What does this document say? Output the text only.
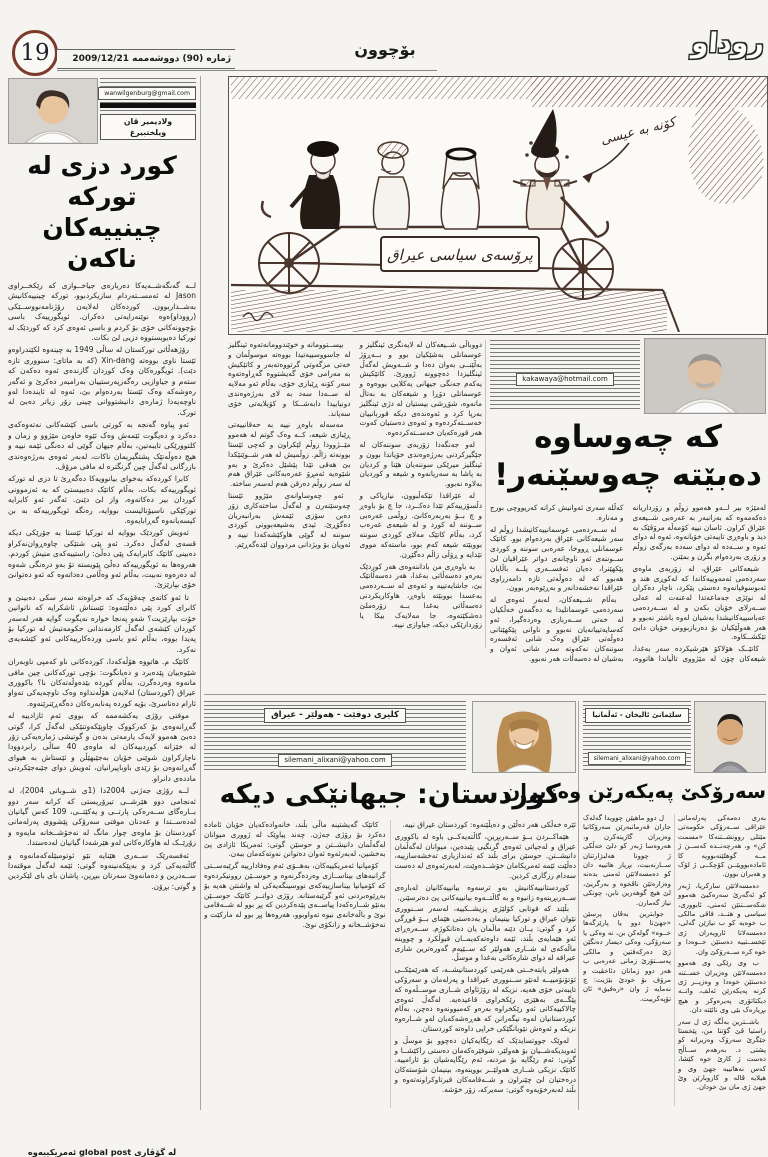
19	ژماره (90) دووشه‌ممه 2009/12/21	بۆچوون	روداو
wanwilgenburg@gmail.com
ولادیمیر ڤان ویلختبیرغ
کورد دزی له تورکه
چینییه‌کان ناکه‌ن

لــه گه‌نگه‌شــه‌یه‌کا ده‌رباره‌ی جیاخــوازی که رێکخــراوی Jason له ئه‌مســته‌ردام سازیکردبوو، تورکه چینییه‌کانیش به‌شــداربوون. کورده‌کان له‌لایه‌ن رۆژنامه‌نووســێکی (رووداو)ه‌وه نوێنه‌رایه‌تی ده‌کران. ئویگورییه‌ک باسی بۆچوونه‌کانی خۆی بۆ کردم و باسی ئه‌وه‌ی کرد که کوردێک له تورکیا ده‌یویستووه دزیی لێ بکات.

رۆژهه‌ڵاتی تورکستان له ساڵی 1949 به چینه‌وه لکێندراوه‌و ئێستا ناوی بووه‌ته Xin-dang (که به ماتای: سنووری تازه دێت). ئویگوره‌کان وه‌ک کوردان گازنده‌ی ئه‌وه ده‌که‌ن که سته‌م و جیاوازیی ره‌گه‌زپه‌رستییان به‌رامبه‌ر ده‌کرێ و ئه‌گه‌ر ره‌وشه‌که وه‌ک ئێستا به‌رده‌وام بێ، ئه‌وه له ئاینده‌دا له‌و ناوچه‌یه‌دا ژماره‌ی دانیشتووانی چینی زۆر زیاتر ده‌بێ له تورک.

ئه‌و پیاوه گه‌نجه به کورتی باسی کێشه‌کانی نه‌ته‌وه‌که‌ی ده‌کرد و ده‌یگوت ئێمه‌ش وه‌ک ئێوه خاوه‌ن مێژوو و زمان و کلتوورێکی تایبه‌تین، به‌ڵام جیهان گوێی له ده‌نگی ئێمه نییه و هیچ ده‌وڵه‌تێک پشتگیریمان ناکات، له‌به‌ر ئه‌وه‌ی به‌رژه‌وه‌ندی بازرگانی له‌گه‌ڵ چین گرنگتره له مافی مرۆڤ.

کابرا کورده‌که به‌خوای بیانوویه‌کا ده‌گه‌ڕێ تا دزی له تورکه ئویگورییه‌که بکات، به‌ڵام کاتێک ده‌یبیستێ که به ئه‌زموونی کوردان بیر ده‌کاته‌وه، واز لێ دێنێ. ئه‌گه‌ر ئه‌و کابرایه تورکێکی ناسیۆنالیست بووایه، ره‌نگه ئویگورییه‌که به بن کیسه‌یانه‌وه گه‌ڕابایه‌وه.

ئه‌ویش کوردێک بووایه له تورکیا ئێستا به جۆرێکی دیکه قسه‌ی له‌گه‌ڵ ده‌کرد. ئه‌و پێی شتێکی چاوه‌ڕوان‌نه‌کراو ده‌بینی کاتێک کابرایه‌ک پێی ده‌ڵێ: راستییه‌که‌ی منیش کوردم. هه‌روه‌ها به ئویگورییه‌که ده‌ڵێ پێویسته تۆ به‌و دره‌نگی شه‌وه له ده‌ره‌وه نه‌بیت، به‌ڵام ئه‌و وه‌ڵامی ده‌داته‌وه که ئه‌و ده‌توانێ خۆی بپارێزێ.

تا ئه‌و کاته‌ی چه‌قۆیه‌ک که خراوه‌ته سه‌ر سکی ده‌بینێ و کابرای کورد پێی ده‌ڵێته‌وه: ئێستاش ئاشکرایه که ناتوانین خۆت بپارێزیت؟ شه‌و په‌نجا خواره نه‌یگوت گوایه هه‌ر له‌سه‌ر کوردان کێشه‌ی له‌گه‌ڵ کارمه‌ندانی حکومه‌تیش له تورکیا بۆ په‌یدا بووه، به‌ڵام ئه‌و باسی ورده‌کارییه‌کانی ئه‌و کێشه‌یه‌ی نه‌کرد.

کاتێک م. هاتووه هۆڵه‌که‌دا، کورده‌کانی ناو که‌مپی ناوبه‌ران شێوه‌ییان پێده‌برد و ده‌یانگوت: بۆچی تورکه‌کانی چین مافی مانه‌وه وه‌رده‌گرن، به‌ڵام کورده بێده‌وڵه‌ته‌کان نا؟ باکووری عیراق (کوردستان) له‌لایه‌ن هۆڵه‌نداوه وه‌ک ناوچه‌یه‌کی ته‌واو ئارام ده‌ناسرێ، بۆیه کورده په‌نابه‌ره‌کان ده‌گه‌ڕێنرێنه‌وه.

موفتی رۆژی یه‌کشه‌ممه که بووی ئه‌م ئازادییه له گه‌ڕانه‌وه‌ی بۆ که‌رکووک چاوپێکه‌وتنێکی له‌گه‌ڵ کرا، گوتی ده‌بێ هه‌موو لایه‌ک یارمه‌تی بده‌ن و گوتیشی ژماره‌یه‌کی زۆر له خێزانه کوردییه‌کان له ماوه‌ی 40 ساڵی رابردوودا ناچارکراون شوێنی خۆیان به‌جێبهێڵن و ئێستاش به هیوای گه‌ڕانه‌وه‌ن بۆ زێدی باوباپیرانیان، ئه‌ویش دوای جێبه‌جێکردنی مادده‌ی دانراو.

لــه رۆژی جه‌ژنی 2004دا (1ی شــوباتی 2004)، له ئه‌نجامی دوو هێرشــی تیرۆریستی که کرانه سه‌ر دوو بــاره‌گای ســه‌ره‌کی پارتــی و یه‌کێتــی، 109 که‌س گیانیان له‌ده‌ســتدا و عه‌دنان موفتی سه‌رۆکی پێشووی په‌رله‌مانی کوردستان بۆ ماوه‌ی چوار مانگ له نه‌خۆشــخانه مایه‌وه و زۆرێــک له هاوکاره‌کانی له‌و هێرشه‌دا گیانیان له‌ده‌ستدا.

ئه‌فسه‌رێک ســه‌ری هێنایه نێو ئوتومبێله‌که‌مانه‌وه و گاڵته‌یه‌کی کرد و به‌پێکه‌نینه‌وه گوتی: ئێمه له‌گه‌ڵ موقته‌دا ســه‌درین و ده‌مانه‌وێ سه‌رتان ببڕین، پاشان بای بای لێکردین و گوتی: بڕۆن.

له گۆڤاری global post ئه‌مریکییه‌وه
پرۆسه‌ی سیاسی عیراق
کۆنه به عیسی

دووباڵی شــیعه‌کان له لایه‌نگری ئینگلیز و عوسمانلی به‌شێکیان بوو و بــه‌ڕۆژ به‌ڵێنــی به‌وان ده‌دا و شــه‌ویش له‌گه‌ڵ ئینگلیزدا ده‌چوونه ژوورێ. کاتێکیش یه‌که‌م جه‌نگی جیهانی یه‌کلایی بووه‌وه و عوسمانلی دۆڕا و شیعه‌کان به به‌تاڵ مانه‌وه، شۆڕشی بیستیان له دژی ئینگلیز به‌رپا کرد و ئه‌وه‌نده‌ی دیکه قوربانییان خه‌ســته‌کرده‌وه و ئه‌وه‌ی ده‌ستیان که‌وت هه‌ر قوره‌که‌یان خه‌ســته‌کرده‌وه.

له‌و جه‌نگه‌دا زۆربه‌ی سوننه‌کان له جێگیرکردنی به‌رژه‌وه‌ندی خۆیاندا بوون و ئینگلیز میرێکی سوننه‌یان هێنا و کردیان به پاشا به سه‌ریانه‌وه و شیعه و کوردیان به‌لاوه نه‌بوو.

له عێراقدا تێکه‌ڵبوون، نیازپاکی و دڵسۆزییه‌کم تێدا ده‌کــرد، جا چ بۆ باوه‌ڕ و چ بــۆ به‌ربه‌ره‌کانێ. زوڵمی عه‌ره‌بی ســوننه له کورد و له شیعه‌ی عه‌ره‌ب کرد، به‌ڵام کاتێک مه‌لای کوردی سوننه بووبێته شیعه که‌م بوو، ماسته‌که مووی تێدایه و ڕۆڵی زاڵم ده‌گێڕن.

به باوه‌ڕی من باداننه‌وه‌ی هه‌ر کوردێک به‌ره‌و ده‌سه‌ڵاتی به‌غدا، هه‌ر ده‌سه‌ڵاتێک بێ، جاشایه‌تییه و ئه‌وه‌ی له ســه‌رده‌می به‌عسدا بووبێته باوه‌ڕ، هاوکاریکردنی ده‌سه‌ڵاتی به‌غدا بــه زۆره‌ملێ ده‌شکێته‌وه، جا مه‌لایه‌ک بیکا یا زۆردارێکی دیکه، جیاوازی نییه.

بیســتوومانه و خوێندوومانه‌ته‌وه ئینگلیز له جاسووسییه‌تیدا بووه‌ته موسوڵمان و خه‌تی مزگه‌وتی گرتووه‌ته‌به‌ر و کاتێکیش به مه‌رامی خۆی گه‌یشتووه گه‌ڕاوه‌ته‌وه سه‌ر کۆنه ڕێبازی خۆی، به‌ڵام ئه‌و مه‌لایه له ســه‌دا سه‌د به لای به‌رژه‌وه‌ندی دونیاییدا دابه‌شــکا و کۆیلایه‌تی خۆی سه‌پاند.

مه‌سه‌له باوه‌ڕ نییه به حه‌قانییه‌تی ڕێبازی شیعه، کــه وه‌ک گوتم له هه‌موو مێــژوودا زوڵم لێکراون و که‌چی ئێستا بوونه‌ته زاڵم. زوڵمیش له هه‌ر شــوێنێکدا بێ هه‌قی تێدا پێشێل ده‌کرێ و به‌و شێوه‌یه ئه‌مڕۆ عه‌ره‌به‌کانی عێراق هه‌م له سه‌ر زوڵم ده‌رقن هه‌م له‌سه‌ر ساخته.

ئه‌و چه‌وساوانه‌ی مێژوو ئێستا چه‌وسێنه‌رن و له‌گه‌ڵ ساخته‌کاری زۆر ده‌بن سۆزی ئێمه‌ش به‌رانبه‌ریان ده‌گۆڕێ. ئیدی به‌شیعه‌بوونی کوردی سوننه له گوێی هاوکێشه‌که‌دا نییه و ئه‌ویان بۆ ویژدانی مردووان لێده‌گه‌ڕێم.

kakawaya@hotmail.com
که چه‌وساوه
ده‌بێته چه‌وسێنه‌ر!

له‌مێژه بیر لــه‌و هه‌موو زوڵم و زۆرداریانه ده‌که‌مه‌وه که به‌رانبه‌ر به عه‌ره‌بی شــیعه‌ی عێراق کراون. ئاسان نییه کۆمه‌ڵه مرۆڤێک به دید و باوه‌ڕی تایبه‌تی خۆیانه‌وه، ئه‌وه له دوای ئه‌وه و ســه‌ده له دوای سه‌ده به‌رگه‌ی زوڵم و زۆری به‌رده‌وام بگرن و بمێنن.

شیعه‌کانی عێراق، له زۆربه‌ی ماوه‌ی سه‌رده‌می ئه‌مه‌وییه‌کاندا که له‌کوڕی هند و ئه‌بوسوفیانه‌وه ده‌ستی پێکرد، ناچار ده‌کران له نوێژی جه‌ماعه‌تدا له‌عنه‌ت له عه‌لی ســه‌رلای خۆیان بکه‌ن و له ســه‌رده‌می عه‌باسییه‌کانیشدا به‌شیان له‌وه باشتر نه‌بوو و هه‌ر هه‌وڵێکیان بۆ ده‌ربازبوونی خۆیان دابێ تێکشــکاوه.

کاتێــک هۆلاکۆ هێرشیکرده سه‌ر به‌غدا، شیعه‌کان چۆن له مێژووی تاڵیاندا هاتووه، که‌ڵله سه‌ری ئه‌وانیش کرانه که‌رپووچی بورج و مه‌ناره.

له ســه‌رده‌می عوسمانییه‌کانیشدا زوڵم له سه‌ر شیعه‌کانی عێراق به‌رده‌وام بوو. کاتێک عوسمانلی ڕووخا، عه‌ره‌بی سوننه و کوردی ســوننه‌ی ئه‌و ناوچانه‌ی دواتر عێراقیان لێ پێکهێنرا، ده‌یان ئه‌فســه‌ری پلــه باڵایان هه‌بوو که له ده‌وڵه‌تی تازه دامه‌زراوی عێراقدا نه‌خشه‌دانه‌ر و به‌ڕێوه‌به‌ر بوون.

به‌ڵام شــیعه‌کان، له‌به‌ر ئه‌وه‌ی له سه‌رده‌می عوسمانلیدا به ده‌گمه‌ن خه‌ڵکیان له خه‌تی ســه‌ربازی وه‌رده‌گیرا، ئه‌و که‌سایه‌تییانه‌یان نه‌بوو و ناوانی پێکهێنانی ده‌وڵه‌تی عێراق وه‌ک شانی ئه‌فسه‌ره سوننه‌کان نه‌که‌وته سه‌ر شانی ئه‌وان و به‌شیان له ده‌سه‌ڵات هه‌ر نه‌بوو.

کلیری دوفێت - هه‌ولێر - عیراق
silemani_alixani@yahoo.com
کوردستان: جیهانێکی دیکه

ئێره خه‌ڵکی هه‌ر ده‌ڵێن و ده‌یڵێنه‌وه: کوردستان عیراق نییه.

هێماکــردن بــۆ ســه‌ربڕین، گاڵته‌یه‌کــی باوه له باکووری عیراق و له‌جیاتی ئه‌وه‌ی گرنگیی پێبده‌ین، میوانان له‌گه‌ڵمان دانیشــتن. حوسێن برای بڵند که ئه‌ندازیاری ته‌خشه‌سازییه، ده‌ڵێت ئێمه ئه‌مریکامان خۆشــده‌وێت، له‌به‌رئه‌وه‌ی له ده‌ست سه‌دام رزگاری کردین.

کوردستانییه‌کانیش به‌و ترسه‌وه بیانییه‌کانیان له‌باره‌ی ســه‌ربڕینه‌وه زانیوه و به گاڵتــه‌وه بیانییه‌کانی پێ ده‌ترسێنن.

بڵێند که قوتابی کۆلێژی پزیشــکییه، له‌سه‌ر ســنووری نێوان عیراق و تورکیا بینیمان و به‌ده‌ستی هێمای بــۆ قوڕگی کرد و گوتی: یــان دێنه ماڵمان یان ده‌تانکوژم. ســه‌ره‌ڕای ئه‌و هێمایه‌ی بڵند، ئێمه داوه‌ته‌که‌یمــان قبوڵکرد و چووینه ماڵه‌که‌ی له شــاری هه‌ولێر که ســێیه‌م گه‌وره‌ترین شاری عیراقه له دوای شاره‌کانی به‌غدا و موسڵ.

هه‌ولێر پایته‌خــتی هه‌رێمی کوردستانیشــه، که هه‌رێمێکــی ئۆتۆنۆمییــه له‌نێو ســنووری عیراقدا و په‌رله‌مان و سه‌رۆکی تایبه‌تی خۆی هه‌یه، نزیکه له رۆژئاوای شــاری موســڵه‌وه که پێگــه‌ی به‌هێزی رێکخراوی قاعیده‌یه. له‌گه‌ڵ ئه‌وه‌ی چالاکییه‌کانی ئه‌و رێکخراوه به‌ره‌و که‌مبوونه‌وه ده‌چن، به‌ڵام کوردستانیان له‌وه نیگه‌رانن که هه‌ڕه‌شه‌که‌یان له‌و شــاره‌وه نزیکه و ئه‌وه‌ش نێوبانگێکی خراپی داوه‌ته کوردستان.

له‌وێک جووتسایدێک که رێگایه‌کیان ده‌چوو بۆ موسڵ و ئه‌ویدیکه‌شــیان بۆ هه‌ولێر، شوفێره‌که‌مان ده‌ستی راکێشــا و گوتی: ئه‌م رێگایه بۆ مردنه، ئه‌م رێگایه‌شیان بۆ ئارامییه. کاتێک نزیکی شــاری هه‌ولێــر بووینه‌وه، بینیمان شۆسته‌کان دره‌ختیان لێ چێنراون و شــه‌قامه‌کان قیرتاوکراونه‌ته‌وه و بڵند له‌به‌رخۆیه‌وه گوتی: سه‌یرکه، زۆر خۆشه.

کاتێک گه‌یشتینه ماڵی بڵند، خانه‌واده‌که‌یان خۆیان ئاماده ده‌کرد بۆ رۆژی جه‌ژن. چه‌ند پیاوێک له ژووری میوانان له‌گه‌ڵمان دانیشــتن و حوسێن گوتی: ئه‌مریکا ئازادی پێ به‌خشین، له‌به‌رئه‌وه ئه‌وان ده‌توانن نه‌وته‌که‌مان ببه‌ن.

کۆمپانیا ئه‌مریکییه‌کان، به‌هــۆی ئه‌م وه‌فادارییه گرێبه‌ســتی گرانبه‌های بیناســازی وه‌رده‌گرنه‌وه و حوســێن روونیکرده‌وه که کۆمپانیا بیناسازییه‌که‌ی نووسینگه‌یه‌کی له واشنتن هه‌یه بۆ به‌ڕێوه‌بردنی ئه‌و گرێبه‌ستانه. رۆژی دواتــر کاتێک حوســێن به‌نێو شــاره‌که‌دا پیاســه‌ی پێده‌کردین که پڕ بوو له شــه‌قامی نوێ و باڵه‌خانه‌ی نیوه ته‌واوبوو، هه‌روه‌ها پڕ بوو له مارکێت و نه‌خۆشــخانه و زانکۆی نوێ.

سلێمانێ ئالیخان - ئه‌ڵمانیا
silemani_alixani@yahoo.com
سه‌رۆکێ په‌یکه‌رێن وه‌زیران

به‌ری ده‌مه‌کی په‌رله‌مانی عێراقی ســه‌رۆکی حکومه‌تی مێتلی روونشــتنه‌کا «مسمت کن» و، هه‌رچه‌نــده که‌ســن ژ مــه گوهلێنه‌بوویه کا ئاماده‌بوویێــن کۆچکــی ژ لۆک و هه‌یران بوون.

ده‌مسه‌لاتێن سارکریا، ژبه‌ر کو ئه‌گه‌رێ سه‌ره‌کیێ هه‌موو شکه‌ســتنێن ئه‌منی، ئابووری، سیاسی و هتــد، فاقی مالکی ب خوه‌یه کو ب نیازێن گه‌لی، ده‌مسه‌لاتا ئارویه‌ران ژی تێخســتییه ده‌ستێن خــوه‌دا و خوه کره ســه‌رۆکێ وان.

ب وی رێکی وی هه‌موو ده‌مسه‌لاتێن وه‌زیران خســتنه ده‌ستێن خوه‌دا و وه‌زیــر ژی کرنه په‌یکه‌رێن ئه‌لف، واتــه دیکتاتۆری په‌یره‌وکر و هیچ بڕیاره‌ک بێی وی نائێته دان.

باشــترین به‌ڵگه ژی ل سه‌ر راستیا ڤێ گۆتنا من، پێخستا جێگرێ سه‌رۆک وه‌زیرانه کو پشتی د. به‌رهه‌م ســاڵح ده‌ست ژ کارێ خوه کێشا، که‌س نه‌هاتییه جهێ وی و هیلایه ڤاله و کاروبارێن وێ جهێ ژی مان بێ خودان.

ل دوو ماهیێن چوویدا گه‌له‌ک جاران فه‌رمانبه‌رێن سه‌رۆکاتیا وه‌زیران گازینه‌کرن و، هه‌روه‌سا ژبه‌ر کو دلێ خه‌ڵکی ژ چوونا هه‌لبژارتنان ســارنه‌بیت، بڕیار هاتییه دان کو ده‌مسه‌لاتێن ئه‌منی بده‌نه وه‌زاره‌تێن ناڤخوه و به‌رگریێ، لێ هیچ گوهه‌رین نابن، چونکی نیاز گه‌مارن.

جوابترین به‌ڤان پرسێن «جهێ‌تا دوو یا پارێزگه‌ها خــوه» گوله‌کن بن، نه وه‌کی یا سه‌رۆکی، وه‌کی دیسار ده‌نگێن ژێ ده‌رکه‌فتین و مالکی په‌ســتۆرێ زمانی عه‌ره‌بی ب هه‌ر دوو زمانان دئاخڤیت و مرۆڤ بۆ خودێ بێژیت: چ نه‌مایه ژ وان «ره‌فیق» ئان تۆپه‌کرییت.
